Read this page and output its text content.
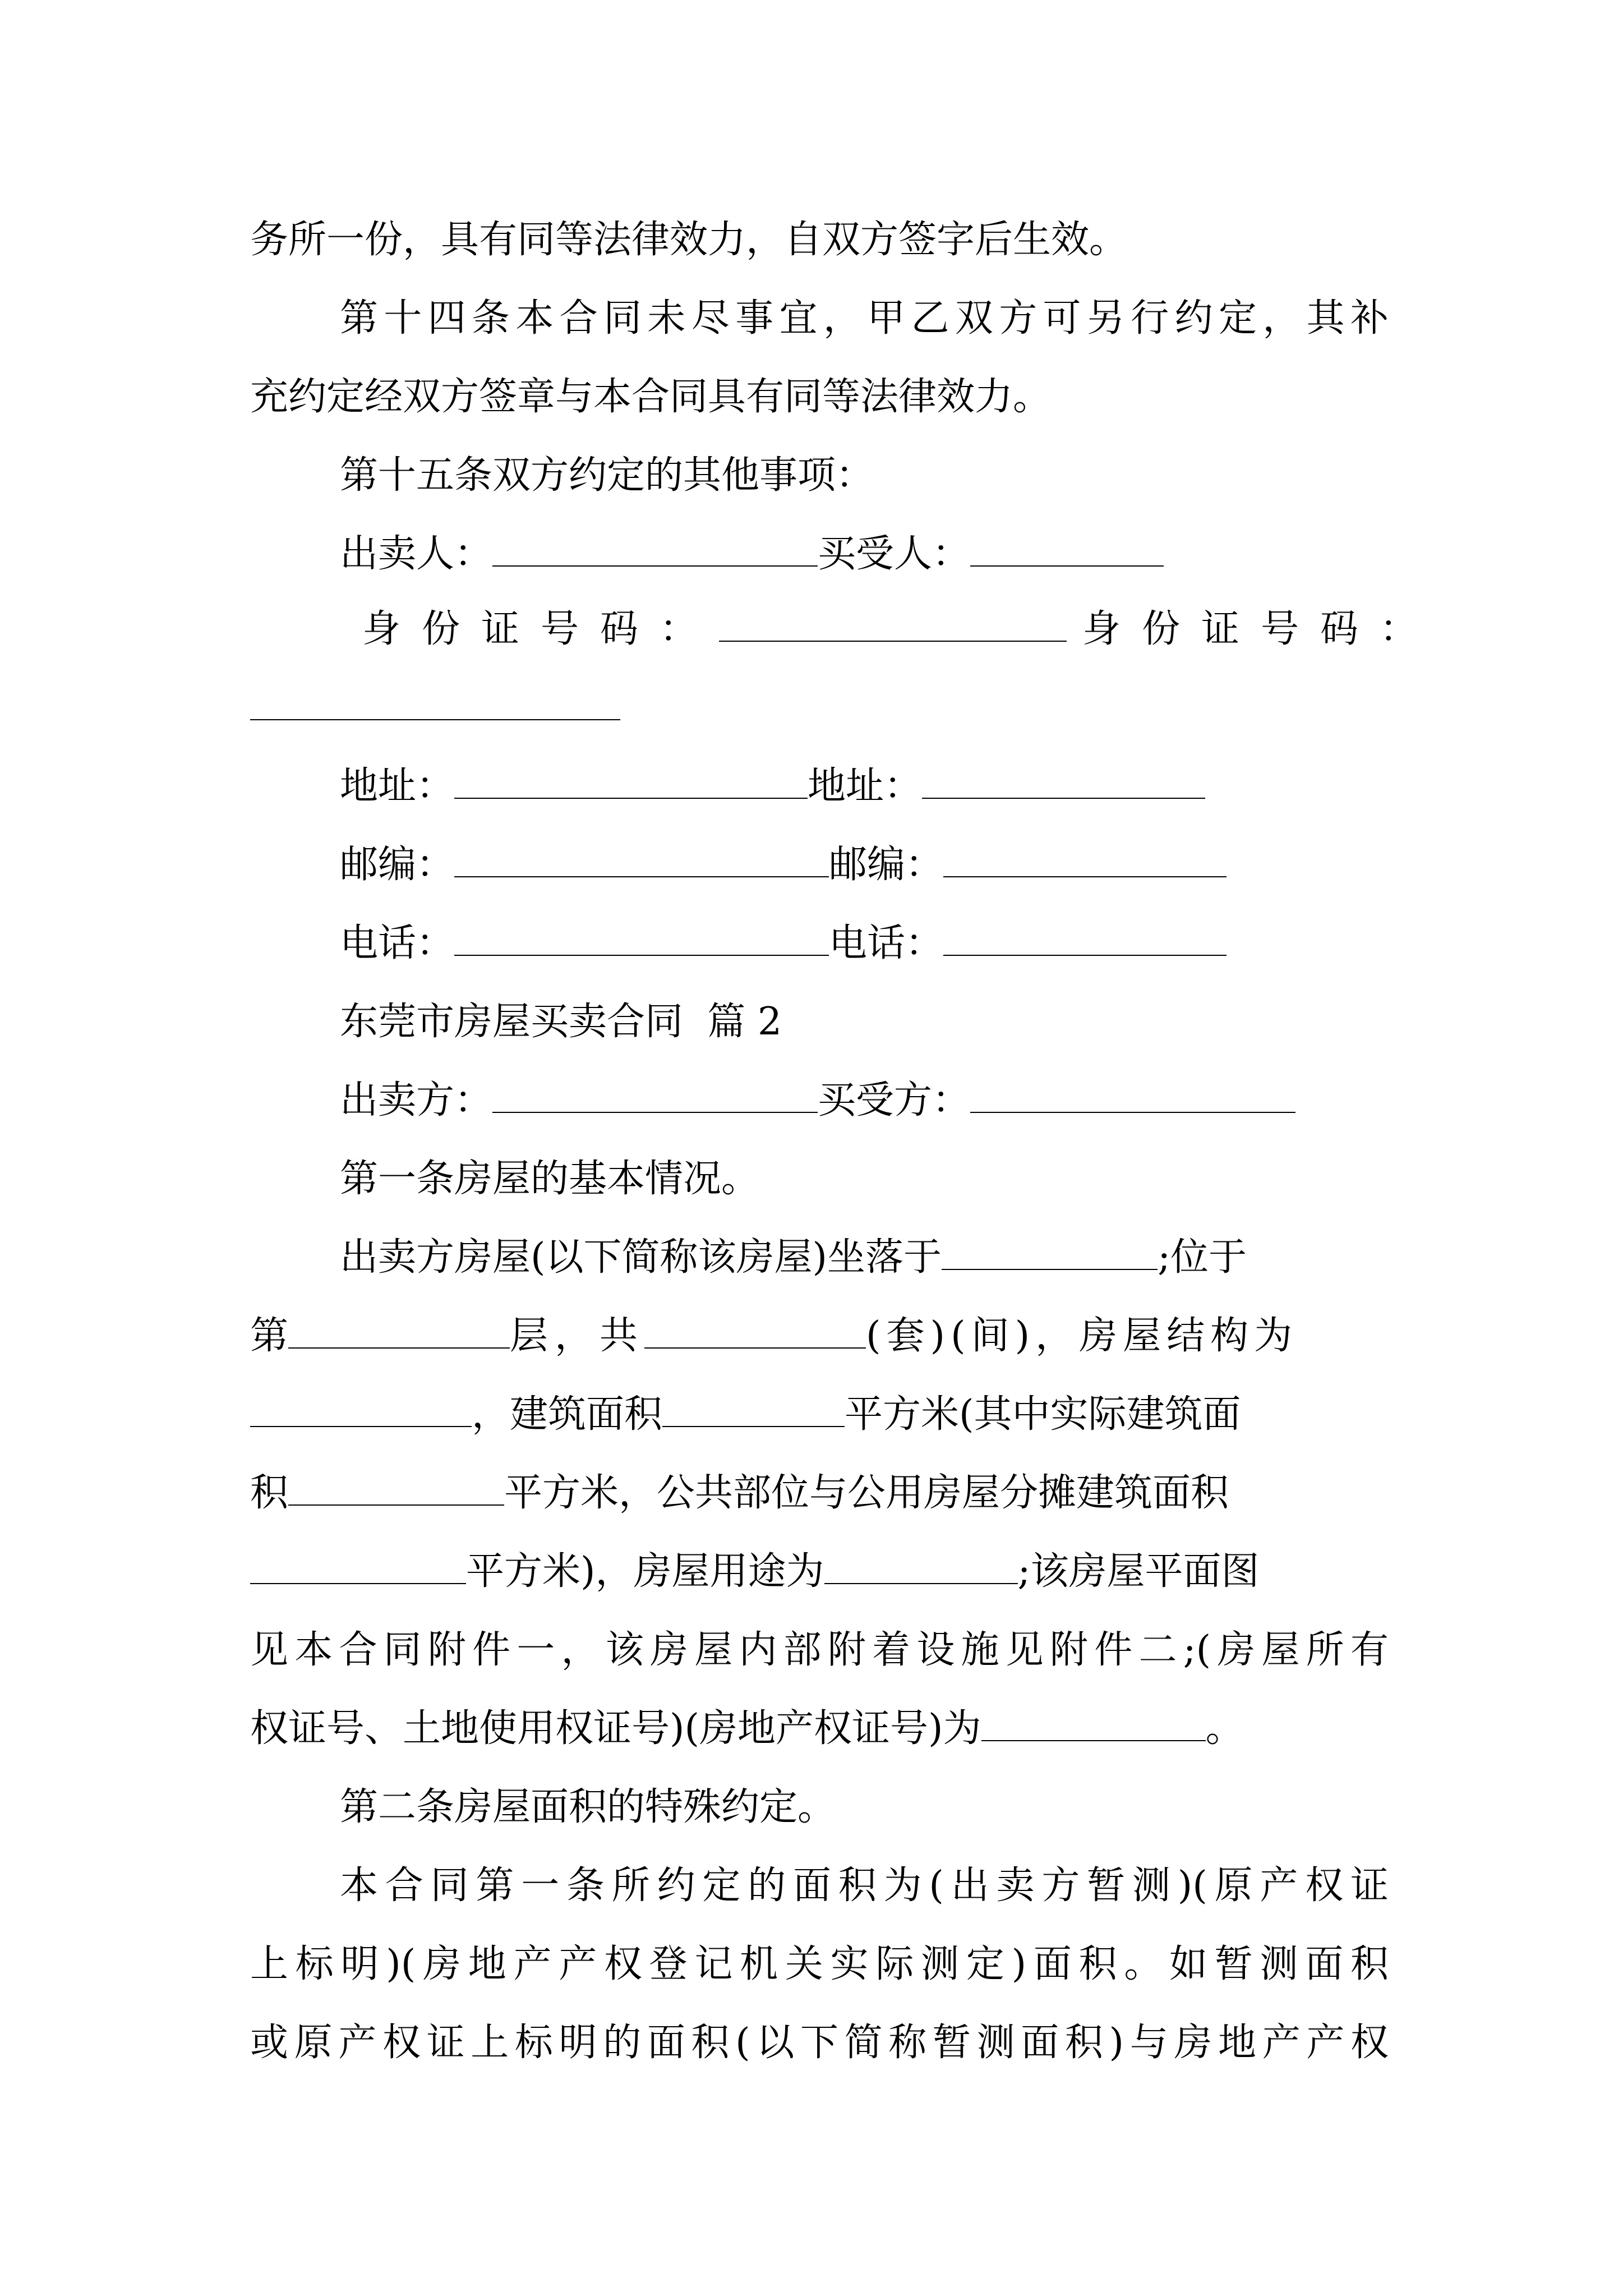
务所一份，具有同等法律效力，自双方签字后生效。
第十四条本合同未尽事宜，甲乙双方可另行约定，其补
充约定经双方签章与本合同具有同等法律效力。
第十五条双方约定的其他事项：
出卖人：	买受人：
身份证号码：	身份证号码：
地址：	地址：
邮编：	邮编：
电话：	电话：
东莞市房屋买卖合同  篇 2
出卖方：	买受方：
第一条房屋的基本情况。
出卖方房屋(以下简称该房屋)坐落于	;位于
第	层，共	(套)(间)，房屋结构为
，建筑面积	平方米(其中实际建筑面
积	平方米，公共部位与公用房屋分摊建筑面积
平方米)，房屋用途为	;该房屋平面图
见本合同附件一，该房屋内部附着设施见附件二;(房屋所有
权证号、土地使用权证号)(房地产权证号)为	。
第二条房屋面积的特殊约定。
本合同第一条所约定的面积为(出卖方暂测)(原产权证
上标明)(房地产产权登记机关实际测定)面积。如暂测面积
或原产权证上标明的面积(以下简称暂测面积)与房地产产权
